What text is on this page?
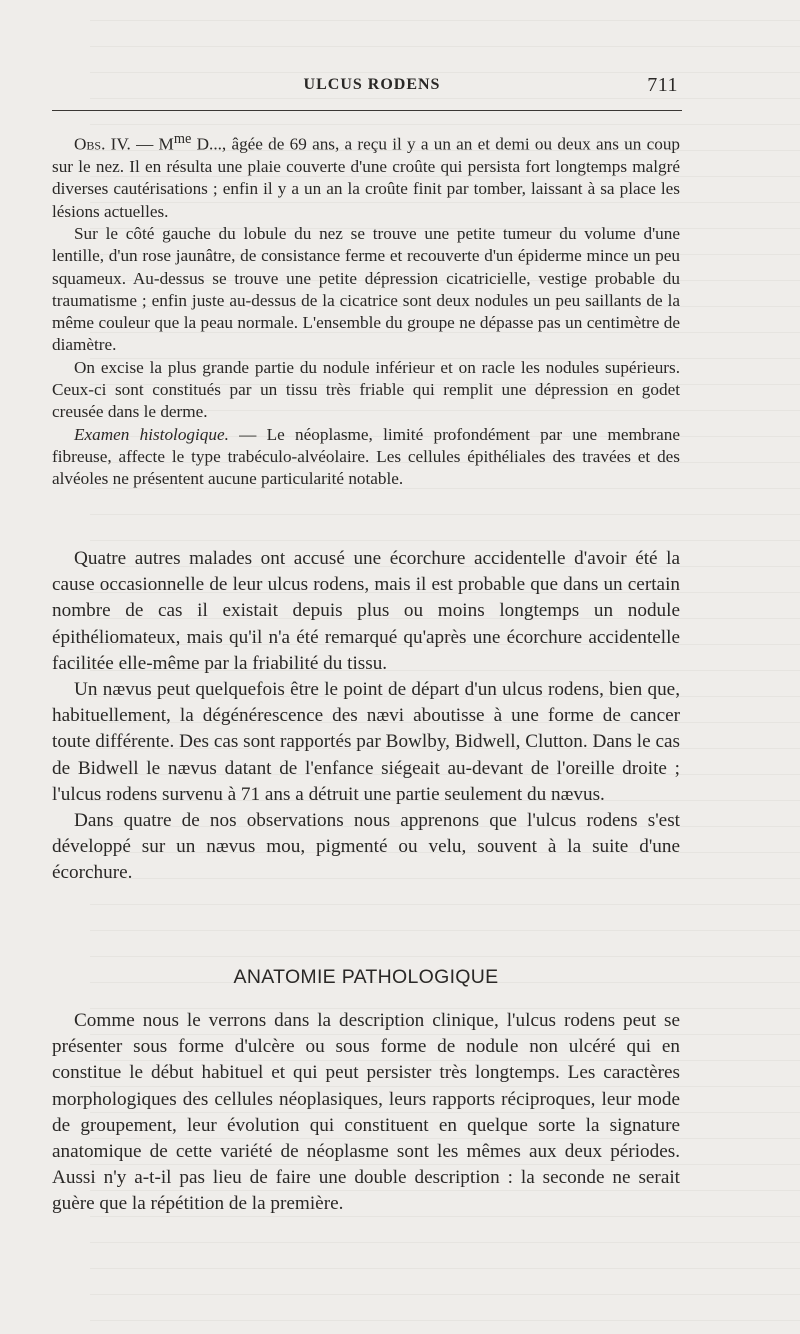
ULCUS RODENS	711

Obs. IV. — $M^{me}$ D..., âgée de 69 ans, a reçu il y a un an et demi ou deux ans un coup sur le nez. Il en résulta une plaie couverte d'une croûte qui persista fort longtemps malgré diverses cautérisations ; enfin il y a un an la croûte finit par tomber, laissant à sa place les lésions actuelles.

Sur le côté gauche du lobule du nez se trouve une petite tumeur du volume d'une lentille, d'un rose jaunâtre, de consistance ferme et recouverte d'un épiderme mince un peu squameux. Au-dessus se trouve une petite dépression cicatricielle, vestige probable du traumatisme ; enfin juste au-dessus de la cicatrice sont deux nodules un peu saillants de la même couleur que la peau normale. L'ensemble du groupe ne dépasse pas un centimètre de diamètre.

On excise la plus grande partie du nodule inférieur et on racle les nodules supérieurs. Ceux-ci sont constitués par un tissu très friable qui remplit une dépression en godet creusée dans le derme.

Examen histologique. — Le néoplasme, limité profondément par une membrane fibreuse, affecte le type trabéculo-alvéolaire. Les cellules épithéliales des travées et des alvéoles ne présentent aucune particularité notable.

Quatre autres malades ont accusé une écorchure accidentelle d'avoir été la cause occasionnelle de leur ulcus rodens, mais il est probable que dans un certain nombre de cas il existait depuis plus ou moins longtemps un nodule épithéliomateux, mais qu'il n'a été remarqué qu'après une écorchure accidentelle facilitée elle-même par la friabilité du tissu.

Un nævus peut quelquefois être le point de départ d'un ulcus rodens, bien que, habituellement, la dégénérescence des nævi aboutisse à une forme de cancer toute différente. Des cas sont rapportés par Bowlby, Bidwell, Clutton. Dans le cas de Bidwell le nævus datant de l'enfance siégeait au-devant de l'oreille droite ; l'ulcus rodens survenu à 71 ans a détruit une partie seulement du nævus.

Dans quatre de nos observations nous apprenons que l'ulcus rodens s'est développé sur un nævus mou, pigmenté ou velu, souvent à la suite d'une écorchure.

ANATOMIE PATHOLOGIQUE

Comme nous le verrons dans la description clinique, l'ulcus rodens peut se présenter sous forme d'ulcère ou sous forme de nodule non ulcéré qui en constitue le début habituel et qui peut persister très longtemps. Les caractères morphologiques des cellules néoplasiques, leurs rapports réciproques, leur mode de groupement, leur évolution qui constituent en quelque sorte la signature anatomique de cette variété de néoplasme sont les mêmes aux deux périodes. Aussi n'y a-t-il pas lieu de faire une double description : la seconde ne serait guère que la répétition de la première.
